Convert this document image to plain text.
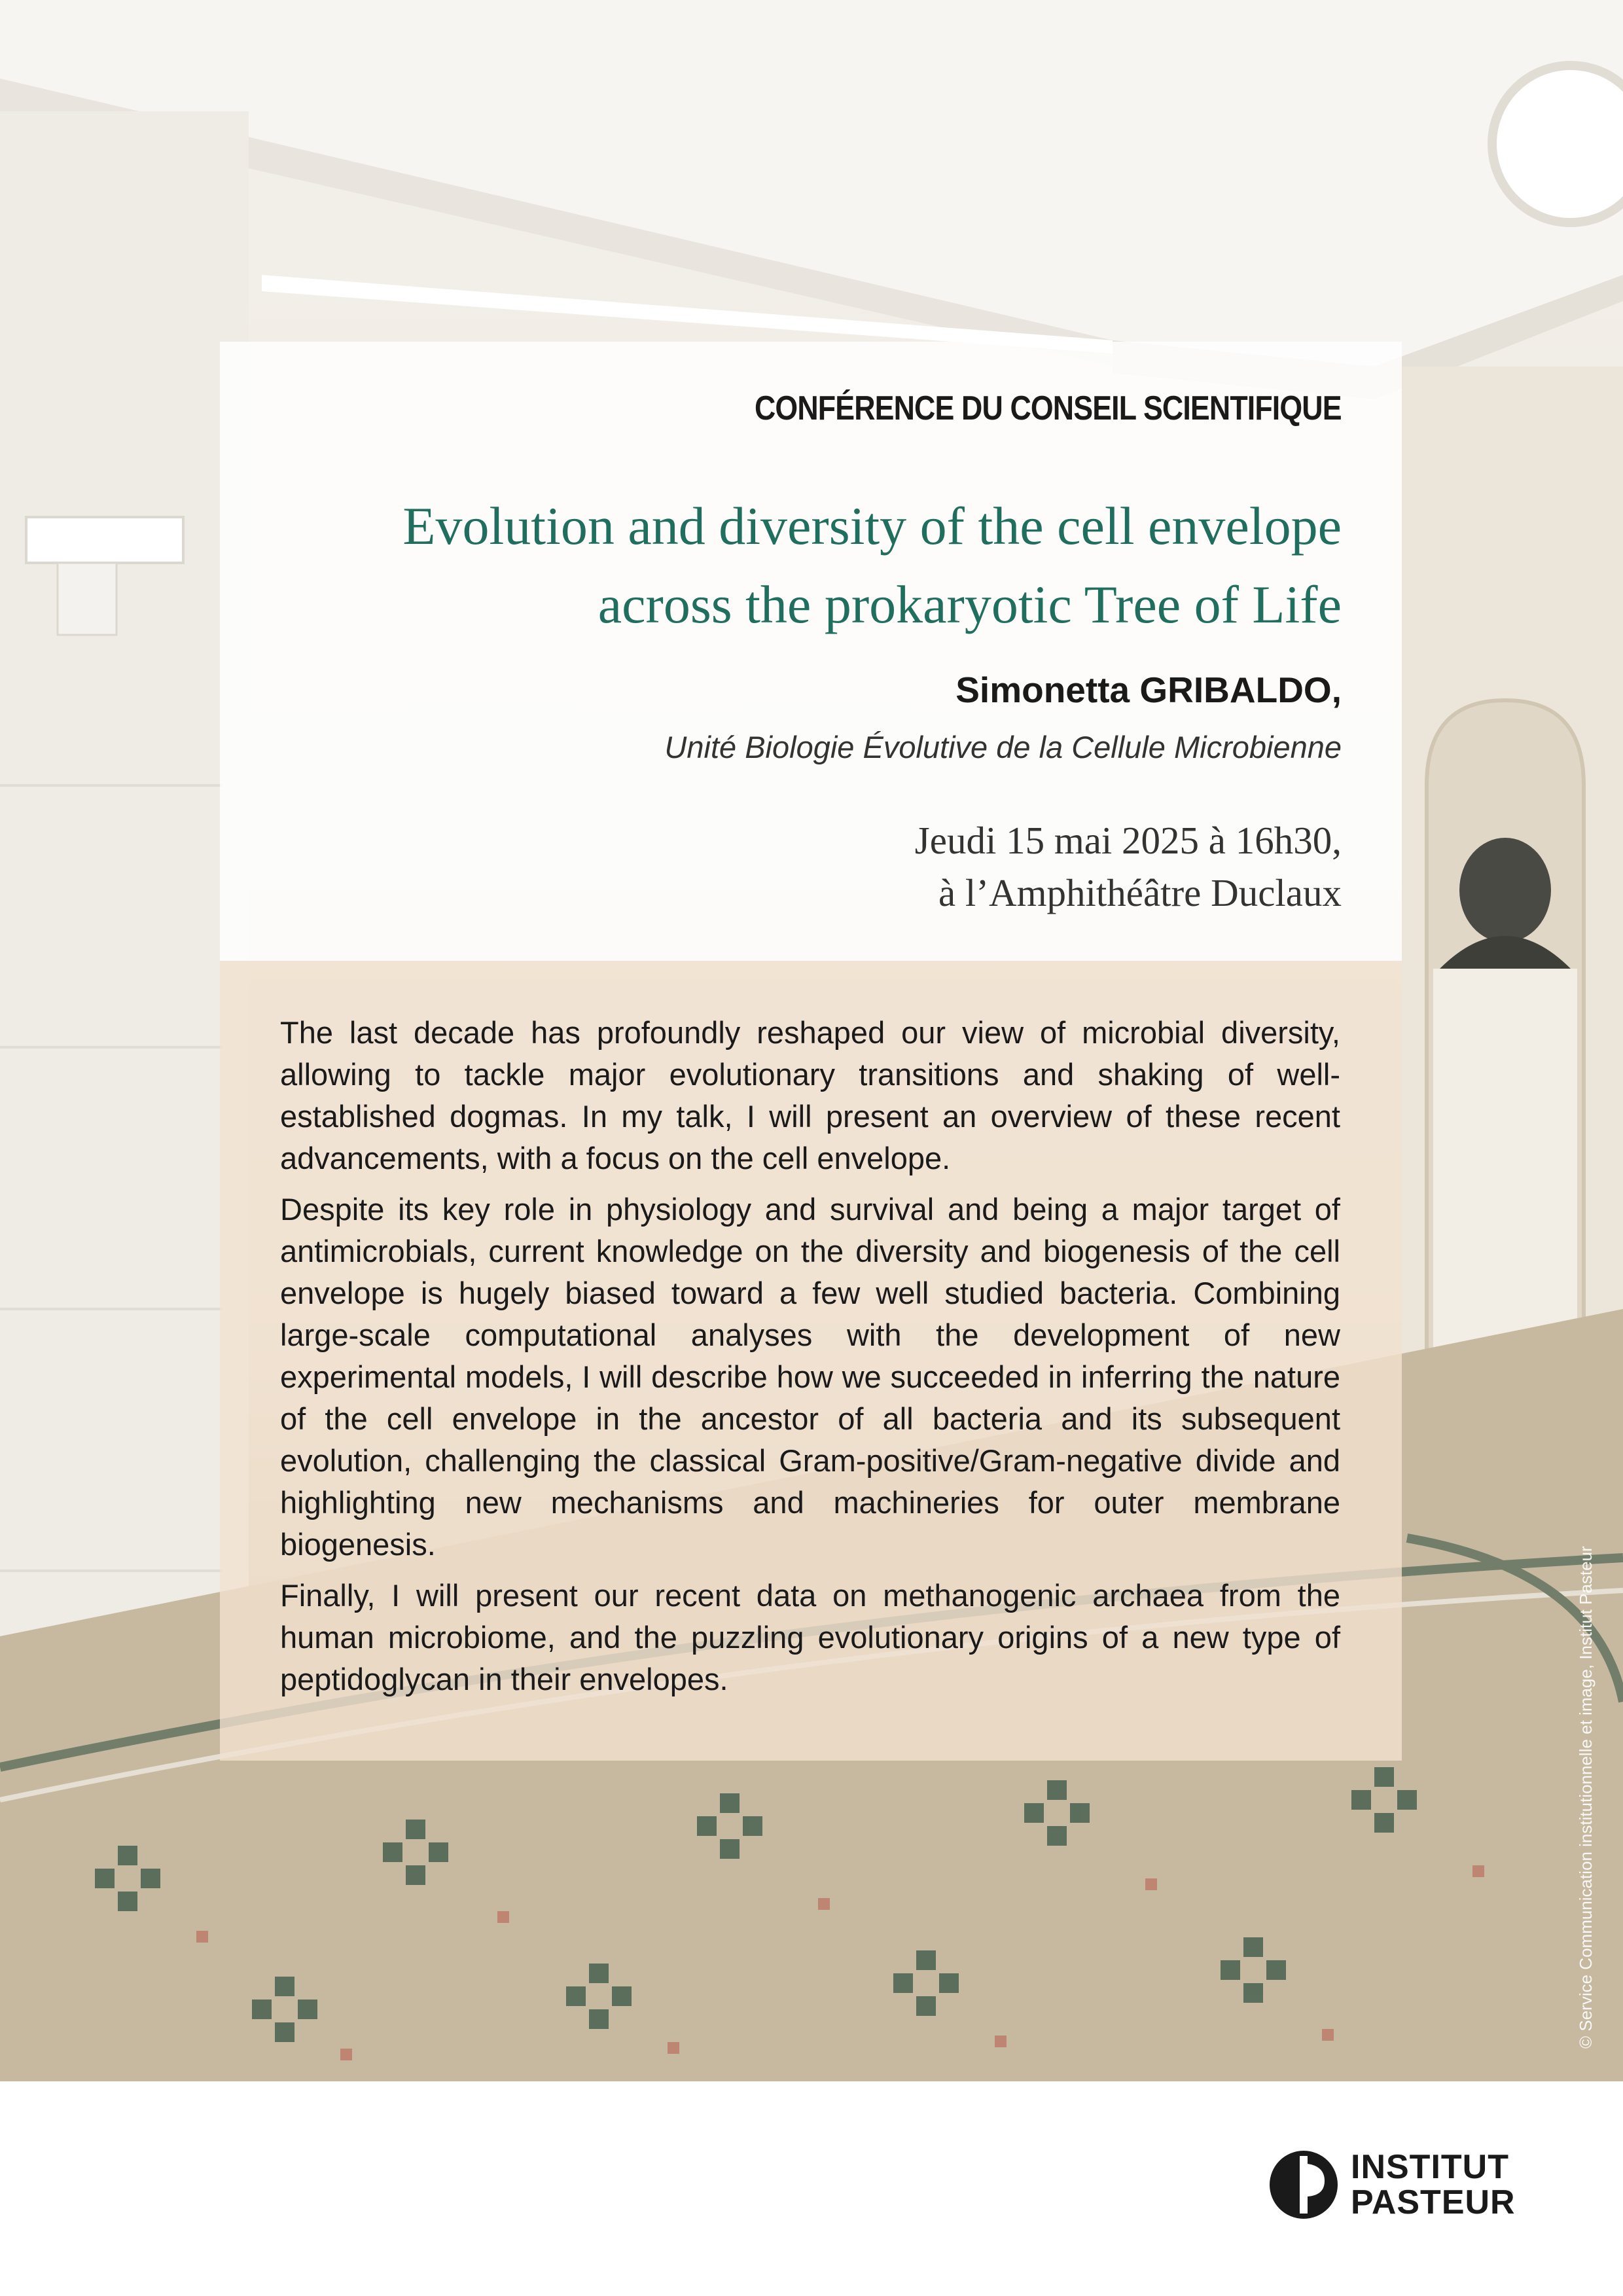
CONFÉRENCE DU CONSEIL SCIENTIFIQUE
Evolution and diversity of the cell envelope
across the prokaryotic Tree of Life
Simonetta GRIBALDO,
Unité Biologie Évolutive de la Cellule Microbienne
Jeudi 15 mai 2025 à 16h30,
à l’Amphithéâtre Duclaux

The last decade has profoundly reshaped our view of microbial diversity, allowing to tackle major evolutionary transitions and shaking of well-established dogmas. In my talk, I will present an overview of these recent advancements, with a focus on the cell envelope.

Despite its key role in physiology and survival and being a major target of antimicrobials, current knowledge on the diversity and biogenesis of the cell envelope is hugely biased toward a few well studied bacteria. Combining large-scale computational analyses with the development of new experimental models, I will describe how we succeeded in inferring the nature of the cell envelope in the ancestor of all bacteria and its subsequent evolution, challenging the classical Gram-positive/Gram-negative divide and highlighting new mechanisms and machineries for outer membrane biogenesis.

Finally, I will present our recent data on methanogenic archaea from the human microbiome, and the puzzling evolutionary origins of a new type of peptidoglycan in their envelopes.	© Service Communication institutionnelle et image, Institut Pasteur
INSTITUT
PASTEUR
